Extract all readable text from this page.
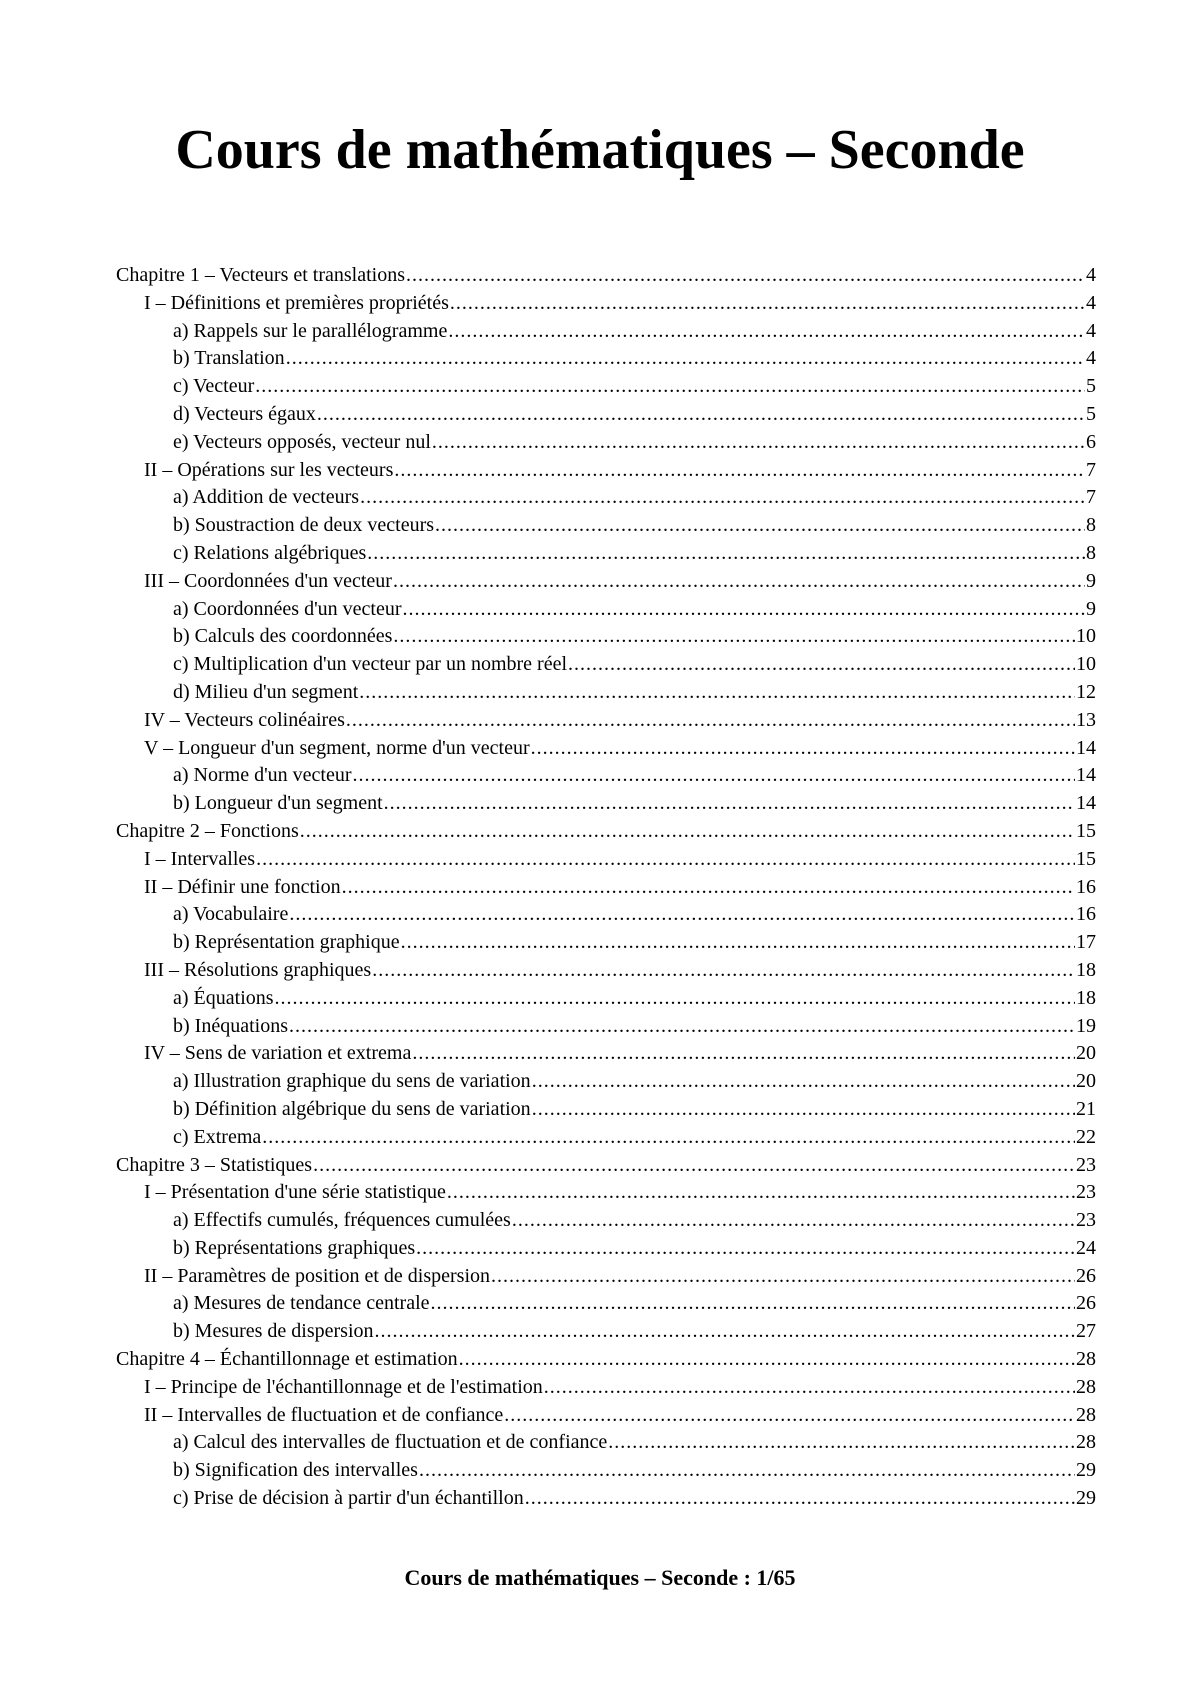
Cours de mathématiques – Seconde
Chapitre 1 – Vecteurs et translations .....	4
I – Définitions et premières propriétés .....	4
a) Rappels sur le parallélogramme .....	4
b) Translation .....	4
c) Vecteur .....	5
d) Vecteurs égaux .....	5
e) Vecteurs opposés, vecteur nul .....	6
II – Opérations sur les vecteurs .....	7
a) Addition de vecteurs .....	7
b) Soustraction de deux vecteurs .....	8
c) Relations algébriques .....	8
III – Coordonnées d'un vecteur .....	9
a) Coordonnées d'un vecteur .....	9
b) Calculs des coordonnées .....	10
c) Multiplication d'un vecteur par un nombre réel .....	10
d) Milieu d'un segment .....	12
IV – Vecteurs colinéaires .....	13
V – Longueur d'un segment, norme d'un vecteur .....	14
a) Norme d'un vecteur .....	14
b) Longueur d'un segment .....	14
Chapitre 2 – Fonctions .....	15
I – Intervalles .....	15
II – Définir une fonction .....	16
a) Vocabulaire .....	16
b) Représentation graphique .....	17
III – Résolutions graphiques .....	18
a) Équations .....	18
b) Inéquations .....	19
IV – Sens de variation et extrema .....	20
a) Illustration graphique du sens de variation .....	20
b) Définition algébrique du sens de variation .....	21
c) Extrema .....	22
Chapitre 3 – Statistiques .....	23
I – Présentation d'une série statistique .....	23
a) Effectifs cumulés, fréquences cumulées .....	23
b) Représentations graphiques .....	24
II – Paramètres de position et de dispersion .....	26
a) Mesures de tendance centrale .....	26
b) Mesures de dispersion .....	27
Chapitre 4 – Échantillonnage et estimation .....	28
I – Principe de l'échantillonnage et de l'estimation .....	28
II – Intervalles de fluctuation et de confiance .....	28
a) Calcul des intervalles de fluctuation et de confiance .....	28
b) Signification des intervalles .....	29
c) Prise de décision à partir d'un échantillon .....	29
Cours de mathématiques – Seconde : 1/65
